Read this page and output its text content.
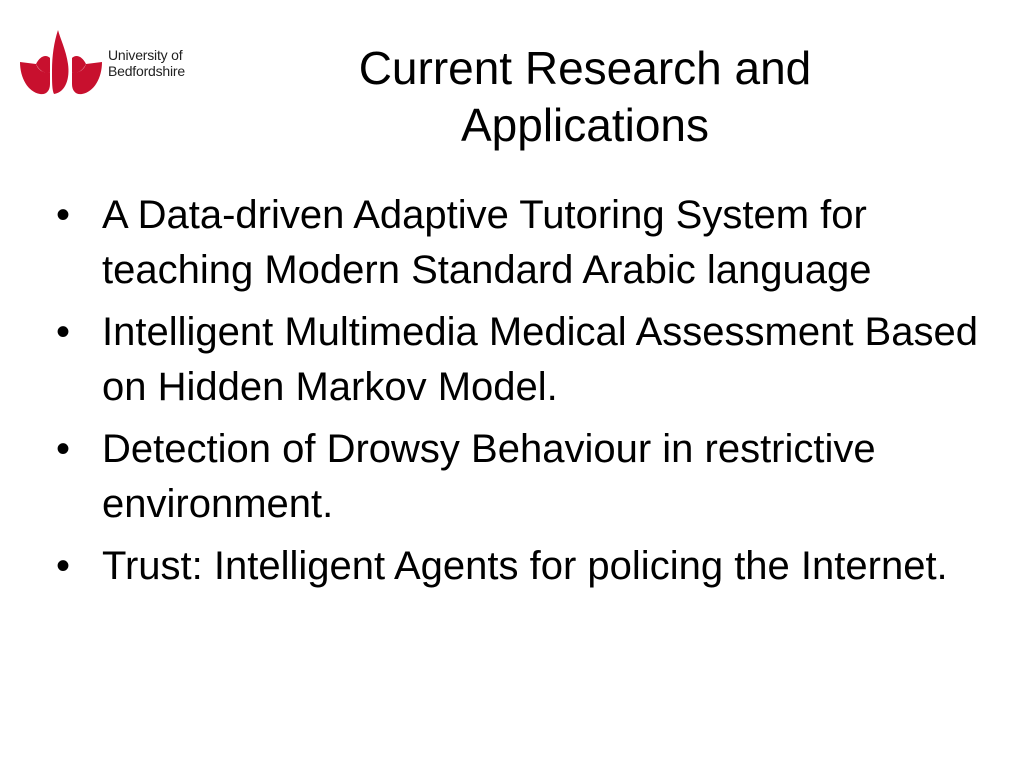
University of
Bedfordshire	Current Research and
Applications
• A Data-driven Adaptive Tutoring System for teaching Modern Standard Arabic language
• Intelligent Multimedia Medical Assessment Based on Hidden Markov Model.
• Detection of Drowsy Behaviour in restrictive environment.
• Trust: Intelligent Agents for policing the Internet.
